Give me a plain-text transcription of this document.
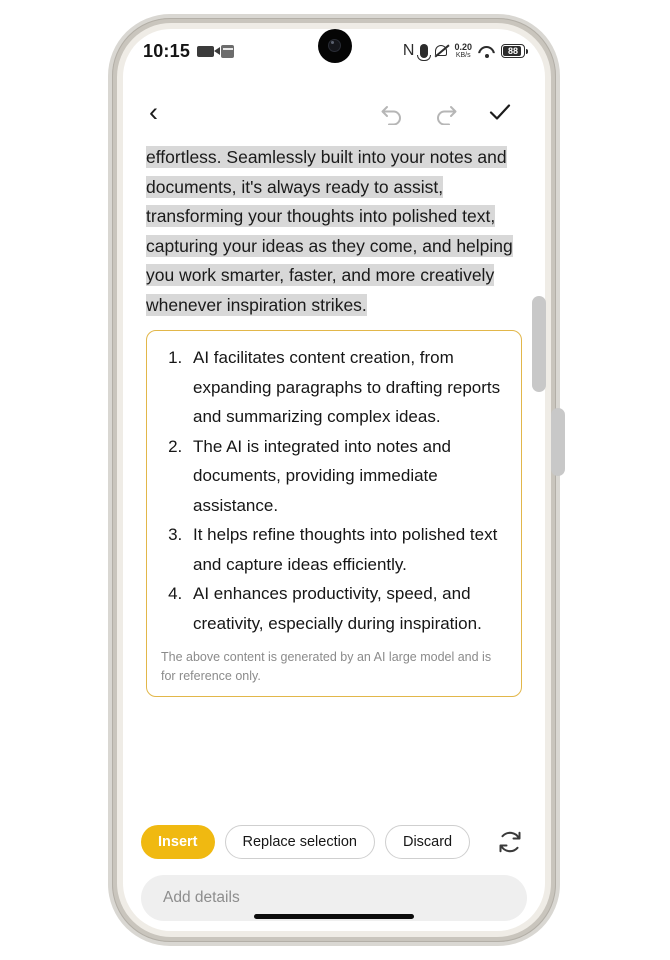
10:15	N	0.20
KB/s	88
‹

effortless. Seamlessly built into your notes and documents, it's always ready to assist, transforming your thoughts into polished text, capturing your ideas as they come, and helping you work smarter, faster, and more creatively whenever inspiration strikes.

1. AI facilitates content creation, from expanding paragraphs to drafting reports and summarizing complex ideas.
2. The AI is integrated into notes and documents, providing immediate assistance.
3. It helps refine thoughts into polished text and capture ideas efficiently.
4. AI enhances productivity, speed, and creativity, especially during inspiration.

The above content is generated by an AI large model and is for reference only.

Insert	Replace selection	Discard
Add details
